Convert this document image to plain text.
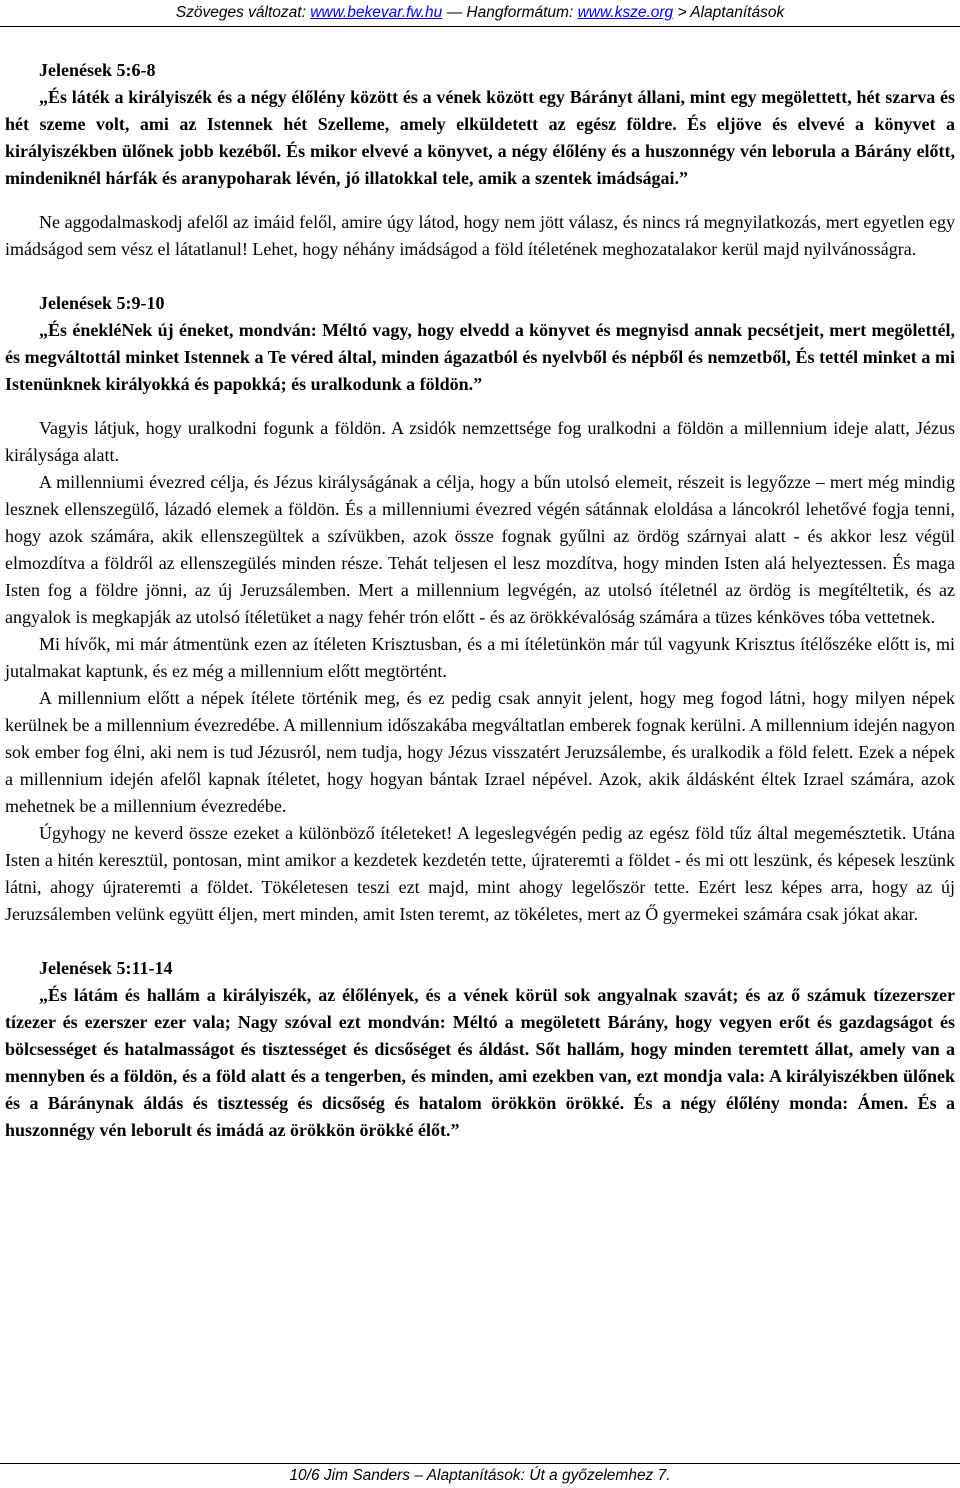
Szöveges változat: www.bekevar.fw.hu — Hangformátum: www.ksze.org > Alaptanítások

Jelenések 5:6-8

„És láték a királyiszék és a négy élőlény között és a vének között egy Bárányt állani, mint egy megölettett, hét szarva és hét szeme volt, ami az Istennek hét Szelleme, amely elküldetett az egész földre. És eljöve és elvevé a könyvet a királyiszékben ülőnek jobb kezéből. És mikor elvevé a könyvet, a négy élőlény és a huszonnégy vén leborula a Bárány előtt, mindeniknél hárfák és aranypoharak lévén, jó illatokkal tele, amik a szentek imádságai.”

Ne aggodalmaskodj afelől az imáid felől, amire úgy látod, hogy nem jött válasz, és nincs rá megnyilatkozás, mert egyetlen egy imádságod sem vész el látatlanul! Lehet, hogy néhány imádságod a föld ítéletének meghozatalakor kerül majd nyilvánosságra.

Jelenések 5:9-10

„És énekléNek új éneket, mondván: Méltó vagy, hogy elvedd a könyvet és megnyisd annak pecsétjeit, mert megölettél, és megváltottál minket Istennek a Te véred által, minden ágazatból és nyelvből és népből és nemzetből, És tettél minket a mi Istenünknek királyokká és papokká; és uralkodunk a földön.”

Vagyis látjuk, hogy uralkodni fogunk a földön. A zsidók nemzettsége fog uralkodni a földön a millennium ideje alatt, Jézus királysága alatt.

A millenniumi évezred célja, és Jézus királyságának a célja, hogy a bűn utolsó elemeit, részeit is legyőzze – mert még mindig lesznek ellenszegülő, lázadó elemek a földön. És a millenniumi évezred végén sátánnak eloldása a láncokról lehetővé fogja tenni, hogy azok számára, akik ellenszegültek a szívükben, azok össze fognak gyűlni az ördög szárnyai alatt - és akkor lesz végül elmozdítva a földről az ellenszegülés minden része. Tehát teljesen el lesz mozdítva, hogy minden Isten alá helyeztessen. És maga Isten fog a földre jönni, az új Jeruzsálemben. Mert a millennium legvégén, az utolsó ítéletnél az ördög is megítéltetik, és az angyalok is megkapják az utolsó ítéletüket a nagy fehér trón előtt - és az örökkévalóság számára a tüzes kénköves tóba vettetnek.

Mi hívők, mi már átmentünk ezen az ítéleten Krisztusban, és a mi ítéletünkön már túl vagyunk Krisztus ítélőszéke előtt is, mi jutalmakat kaptunk, és ez még a millennium előtt megtörtént.

A millennium előtt a népek ítélete történik meg, és ez pedig csak annyit jelent, hogy meg fogod látni, hogy milyen népek kerülnek be a millennium évezredébe. A millennium időszakába megváltatlan emberek fognak kerülni. A millennium idején nagyon sok ember fog élni, aki nem is tud Jézusról, nem tudja, hogy Jézus visszatért Jeruzsálembe, és uralkodik a föld felett. Ezek a népek a millennium idején afelől kapnak ítéletet, hogy hogyan bántak Izrael népével. Azok, akik áldásként éltek Izrael számára, azok mehetnek be a millennium évezredébe.

Úgyhogy ne keverd össze ezeket a különböző ítéleteket! A legeslegvégén pedig az egész föld tűz által megemésztetik. Utána Isten a hitén keresztül, pontosan, mint amikor a kezdetek kezdetén tette, újrateremti a földet - és mi ott leszünk, és képesek leszünk látni, ahogy újrateremti a földet. Tökéletesen teszi ezt majd, mint ahogy legelőször tette. Ezért lesz képes arra, hogy az új Jeruzsálemben velünk együtt éljen, mert minden, amit Isten teremt, az tökéletes, mert az Ő gyermekei számára csak jókat akar.

Jelenések 5:11-14

„És látám és hallám a királyiszék, az élőlények, és a vének körül sok angyalnak szavát; és az ő számuk tízezerszer tízezer és ezerszer ezer vala; Nagy szóval ezt mondván: Méltó a megöletett Bárány, hogy vegyen erőt és gazdagságot és bölcsességet és hatalmasságot és tisztességet és dicsőséget és áldást. Sőt hallám, hogy minden teremtett állat, amely van a mennyben és a földön, és a föld alatt és a tengerben, és minden, ami ezekben van, ezt mondja vala: A királyiszékben ülőnek és a Báránynak áldás és tisztesség és dicsőség és hatalom örökkön örökké. És a négy élőlény monda: Ámen. És a huszonnégy vén leborult és imádá az örökkön örökké élőt.”

10/6 Jim Sanders – Alaptanítások: Út a győzelemhez 7.
